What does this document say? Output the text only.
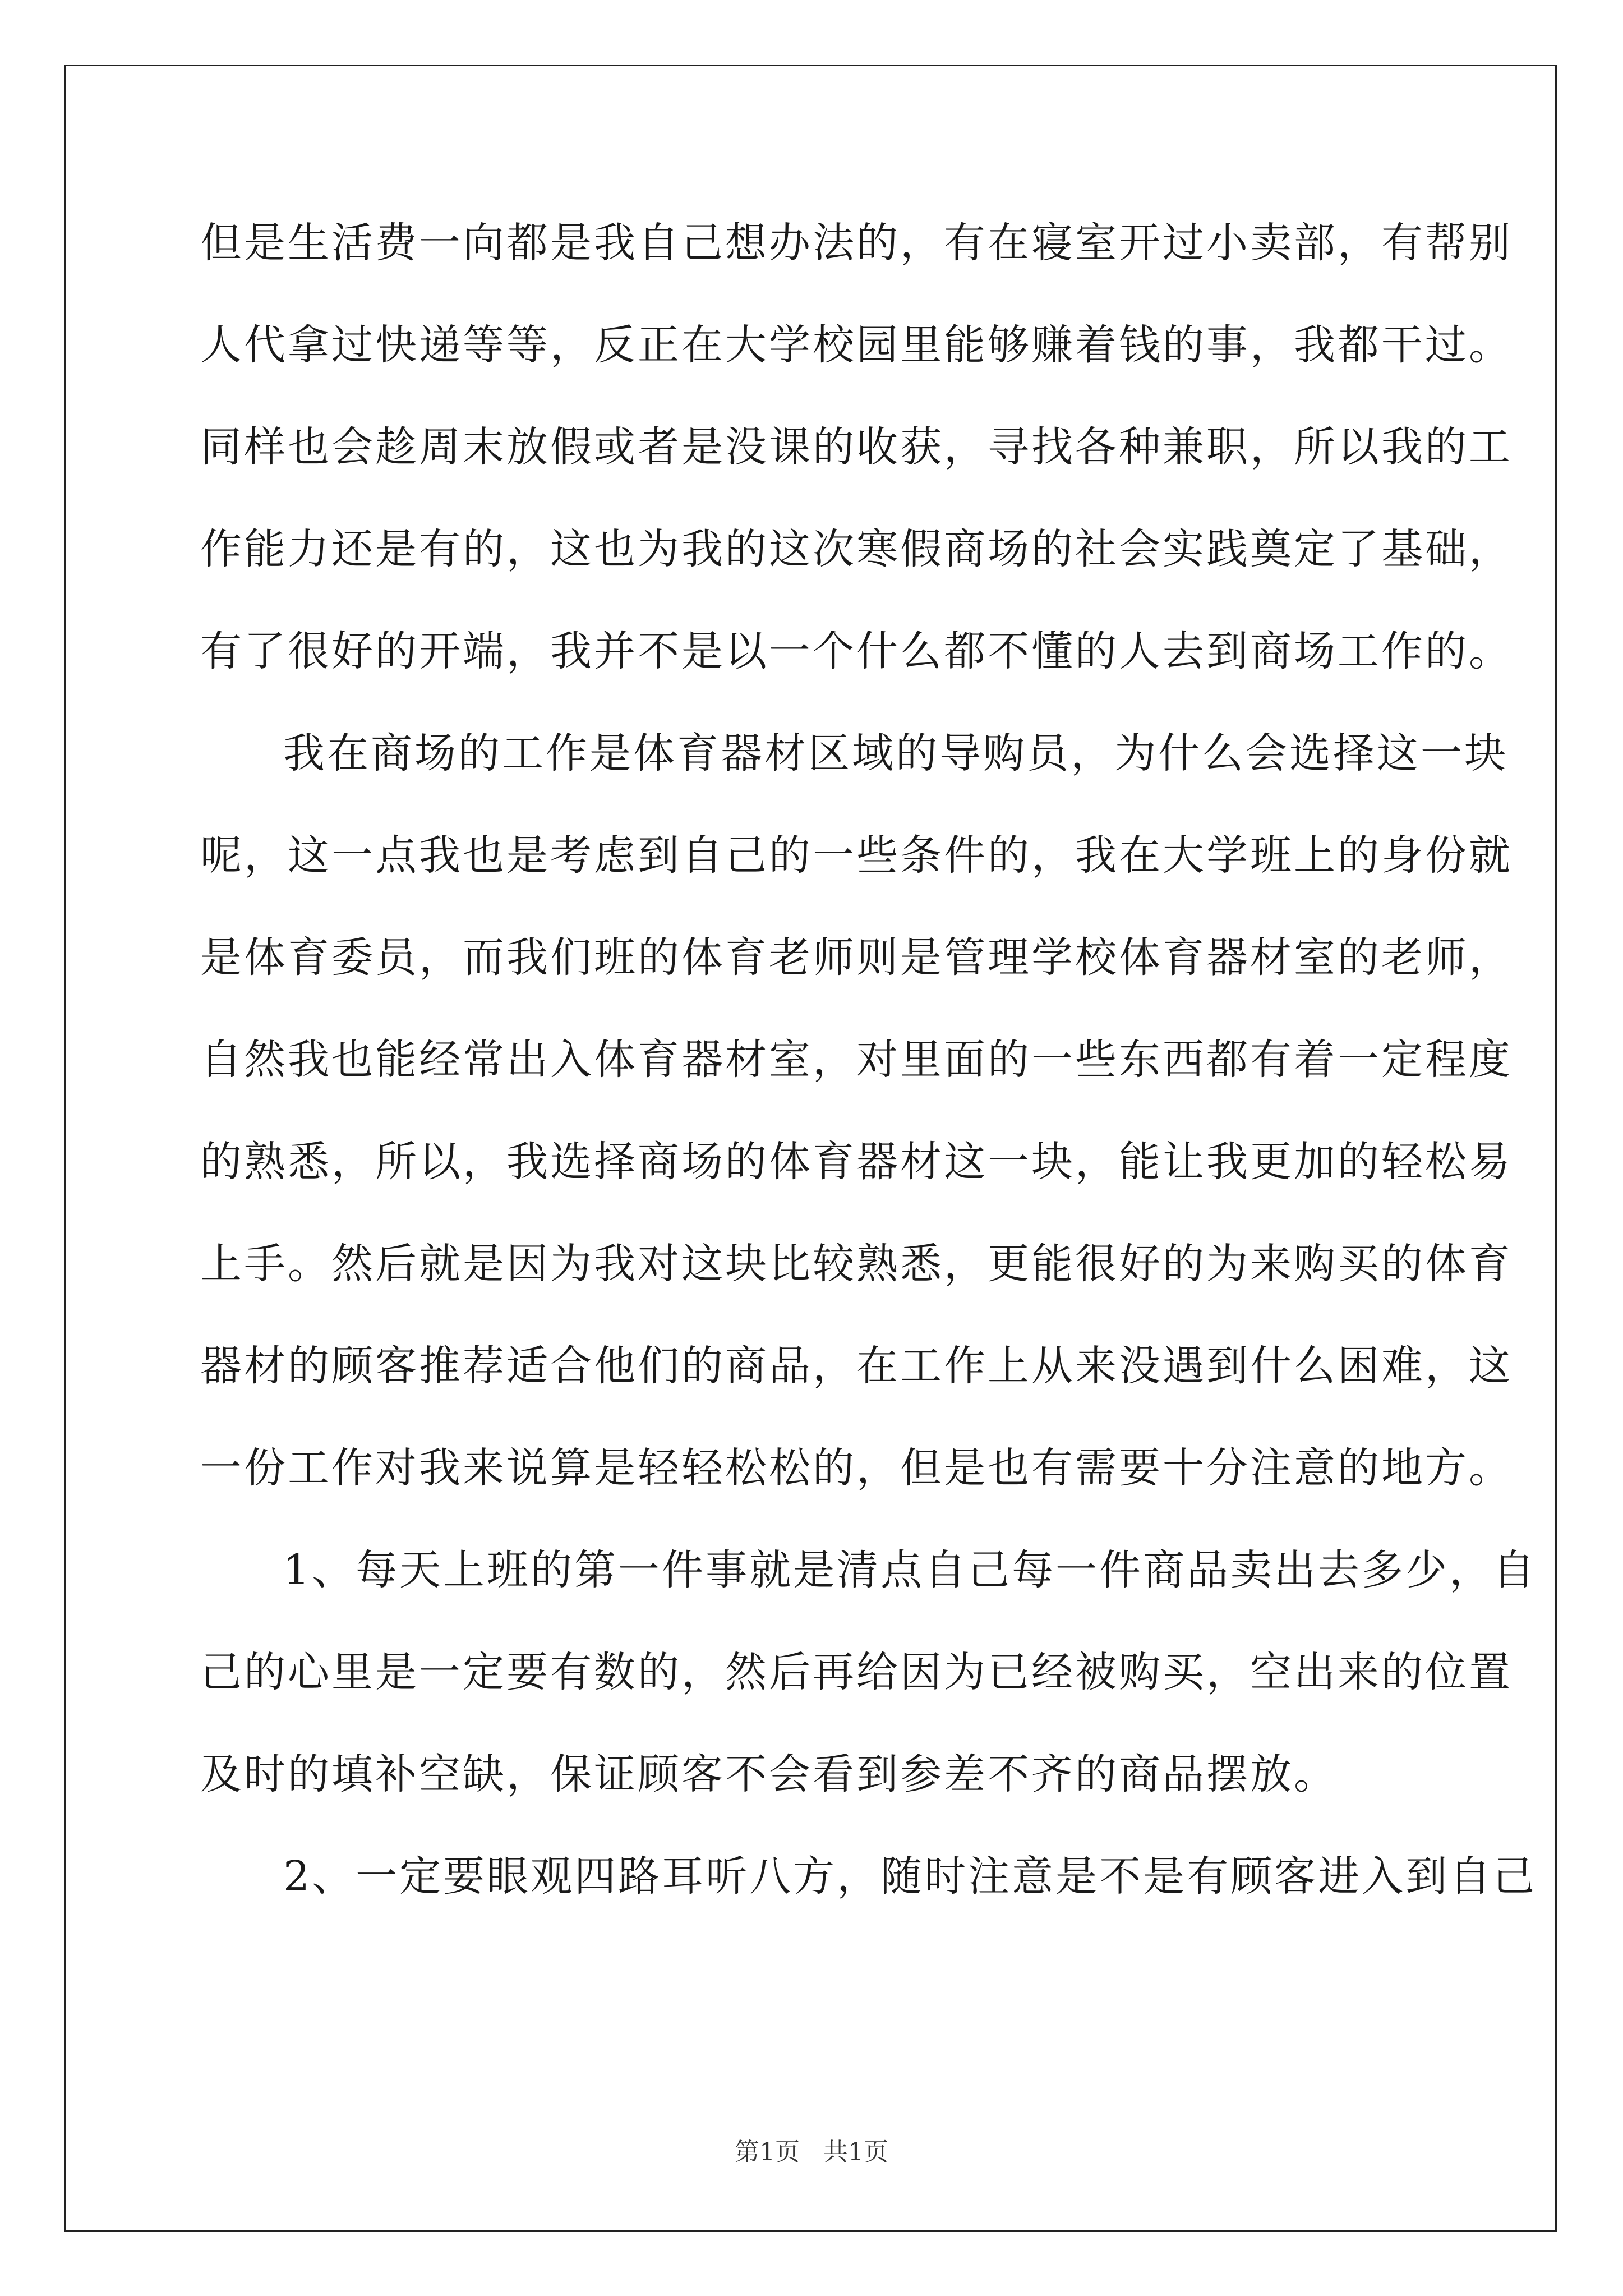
但是生活费一向都是我自己想办法的，有在寝室开过小卖部，有帮别
人代拿过快递等等，反正在大学校园里能够赚着钱的事，我都干过。
同样也会趁周末放假或者是没课的收获，寻找各种兼职，所以我的工
作能力还是有的，这也为我的这次寒假商场的社会实践奠定了基础，
有了很好的开端，我并不是以一个什么都不懂的人去到商场工作的。
我在商场的工作是体育器材区域的导购员，为什么会选择这一块
呢，这一点我也是考虑到自己的一些条件的，我在大学班上的身份就
是体育委员，而我们班的体育老师则是管理学校体育器材室的老师，
自然我也能经常出入体育器材室，对里面的一些东西都有着一定程度
的熟悉，所以，我选择商场的体育器材这一块，能让我更加的轻松易
上手。然后就是因为我对这块比较熟悉，更能很好的为来购买的体育
器材的顾客推荐适合他们的商品，在工作上从来没遇到什么困难，这
一份工作对我来说算是轻轻松松的，但是也有需要十分注意的地方。
1、每天上班的第一件事就是清点自己每一件商品卖出去多少，自
己的心里是一定要有数的，然后再给因为已经被购买，空出来的位置
及时的填补空缺，保证顾客不会看到参差不齐的商品摆放。
2、一定要眼观四路耳听八方，随时注意是不是有顾客进入到自己
第1页 共1页
